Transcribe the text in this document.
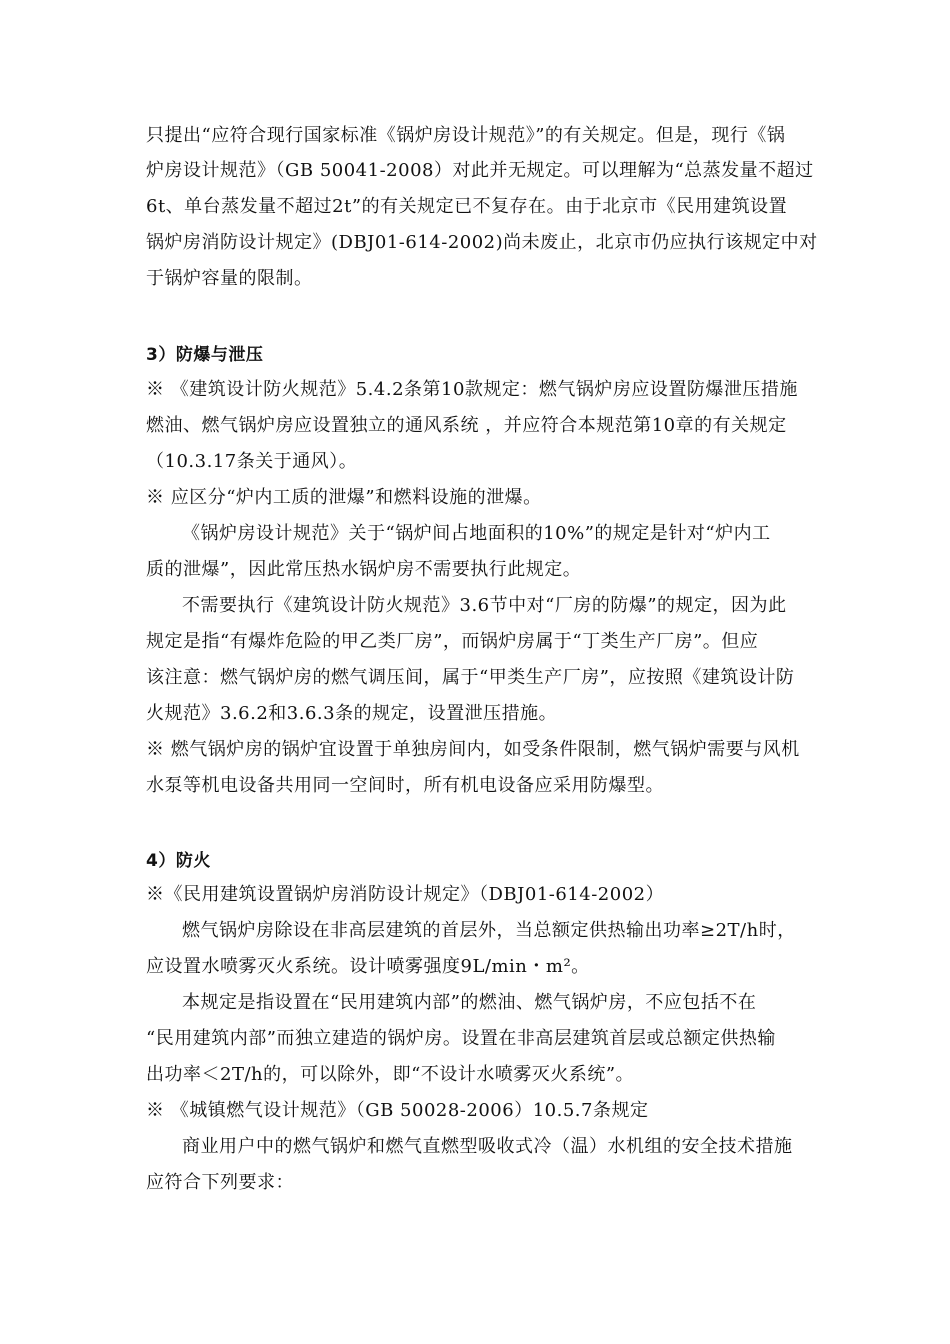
只提出“应符合现行国家标准《锅炉房设计规范》”的有关规定。但是，现行《锅
炉房设计规范》（GB 50041-2008）对此并无规定。可以理解为“总蒸发量不超过
6t、单台蒸发量不超过2t”的有关规定已不复存在。由于北京市《民用建筑设置
锅炉房消防设计规定》(DBJ01-614-2002)尚未废止，北京市仍应执行该规定中对
于锅炉容量的限制。
3）防爆与泄压
※ 《建筑设计防火规范》5.4.2条第10款规定：燃气锅炉房应设置防爆泄压措施
燃油、燃气锅炉房应设置独立的通风系统 ，并应符合本规范第10章的有关规定
（10.3.17条关于通风）。
※ 应区分“炉内工质的泄爆”和燃料设施的泄爆。
《锅炉房设计规范》关于“锅炉间占地面积的10%”的规定是针对“炉内工
质的泄爆”，因此常压热水锅炉房不需要执行此规定。
不需要执行《建筑设计防火规范》3.6节中对“厂房的防爆”的规定，因为此
规定是指“有爆炸危险的甲乙类厂房”，而锅炉房属于“丁类生产厂房”。但应
该注意：燃气锅炉房的燃气调压间，属于“甲类生产厂房”，应按照《建筑设计防
火规范》3.6.2和3.6.3条的规定，设置泄压措施。
※ 燃气锅炉房的锅炉宜设置于单独房间内，如受条件限制，燃气锅炉需要与风机
水泵等机电设备共用同一空间时，所有机电设备应采用防爆型。
4）防火
※《民用建筑设置锅炉房消防设计规定》（DBJ01-614-2002）
燃气锅炉房除设在非高层建筑的首层外，当总额定供热输出功率≥2T/h时，
应设置水喷雾灭火系统。设计喷雾强度9L/min・m²。
本规定是指设置在“民用建筑内部”的燃油、燃气锅炉房，不应包括不在
“民用建筑内部”而独立建造的锅炉房。设置在非高层建筑首层或总额定供热输
出功率＜2T/h的，可以除外，即“不设计水喷雾灭火系统”。
※ 《城镇燃气设计规范》（GB 50028-2006）10.5.7条规定
商业用户中的燃气锅炉和燃气直燃型吸收式冷（温）水机组的安全技术措施
应符合下列要求：
